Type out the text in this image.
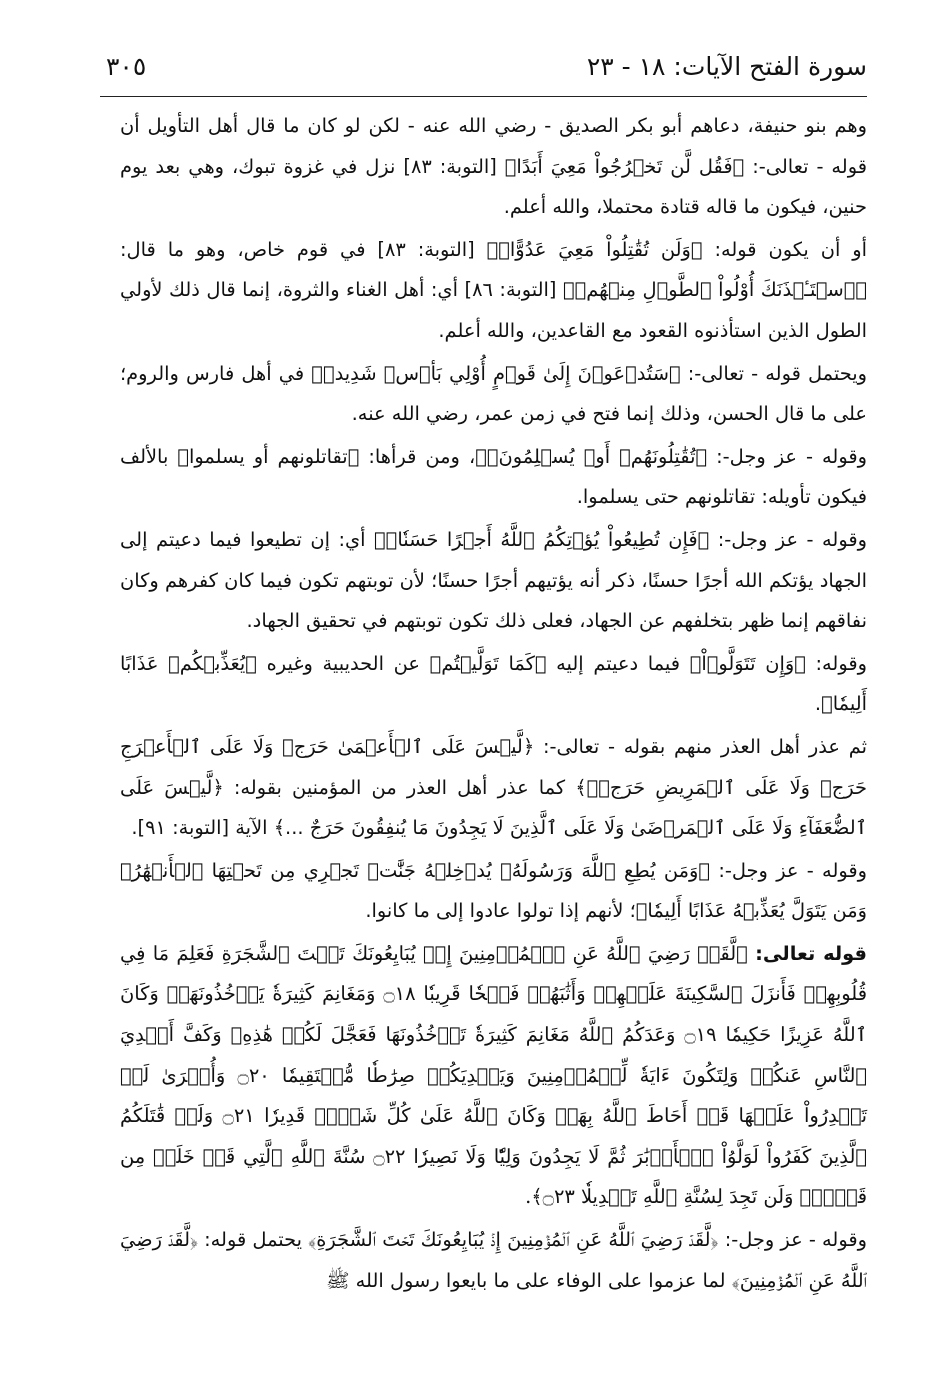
سورة الفتح الآيات: ١٨ - ٢٣
٣٠٥

وهم بنو حنيفة، دعاهم أبو بكر الصديق - رضي الله عنه - لكن لو كان ما قال أهل التأويل أن قوله - تعالى-: ﴿فَقُل لَّن تَخۡرُجُواْ مَعِيَ أَبَدًا﴾ [التوبة: ٨٣] نزل في غزوة تبوك، وهي بعد يوم حنين، فيكون ما قاله قتادة محتملا، والله أعلم.

أو أن يكون قوله: ﴿وَلَن تُقَٰتِلُواْ مَعِيَ عَدُوًّاۖ﴾ [التوبة: ٨٣] في قوم خاص، وهو ما قال: ﴿ٱسۡتَـٔۡذَنَكَ أُوْلُواْ ٱلطَّوۡلِ مِنۡهُمۡ﴾ [التوبة: ٨٦] أي: أهل الغناء والثروة، إنما قال ذلك لأولي الطول الذين استأذنوه القعود مع القاعدين، والله أعلم.

ويحتمل قوله - تعالى-: ﴿سَتُدۡعَوۡنَ إِلَىٰ قَوۡمٍ أُوْلِي بَأۡسٖ شَدِيدٖ﴾ في أهل فارس والروم؛ على ما قال الحسن، وذلك إنما فتح في زمن عمر، رضي الله عنه.

وقوله - عز وجل-: ﴿تُقَٰتِلُونَهُمۡ أَوۡ يُسۡلِمُونَۖ﴾، ومن قرأها: ﴿تقاتلونهم أو يسلموا﴾ بالألف فيكون تأويله: تقاتلونهم حتى يسلموا.

وقوله - عز وجل-: ﴿فَإِن تُطِيعُواْ يُؤۡتِكُمُ ٱللَّهُ أَجۡرًا حَسَنٗاۖ﴾ أي: إن تطيعوا فيما دعيتم إلى الجهاد يؤتكم الله أجرًا حسنًا، ذكر أنه يؤتيهم أجرًا حسنًا؛ لأن توبتهم تكون فيما كان كفرهم وكان نفاقهم إنما ظهر بتخلفهم عن الجهاد، فعلى ذلك تكون توبتهم في تحقيق الجهاد.

وقوله: ﴿وَإِن تَتَوَلَّوۡاْ﴾ فيما دعيتم إليه ﴿كَمَا تَوَلَّيۡتُم﴾ عن الحديبية وغيره ﴿يُعَذِّبۡكُمۡ عَذَابًا أَلِيمٗا﴾.

ثم عذر أهل العذر منهم بقوله - تعالى-: ﴿لَّيۡسَ عَلَى ٱلۡأَعۡمَىٰ حَرَجٞ وَلَا عَلَى ٱلۡأَعۡرَجِ حَرَجٞ وَلَا عَلَى ٱلۡمَرِيضِ حَرَجٞۗ﴾ كما عذر أهل العذر من المؤمنين بقوله: ﴿لَّيۡسَ عَلَى ٱلضُّعَفَآءِ وَلَا عَلَى ٱلۡمَرۡضَىٰ وَلَا عَلَى ٱلَّذِينَ لَا يَجِدُونَ مَا يُنفِقُونَ حَرَجٌ ...﴾ الآية [التوبة: ٩١].

وقوله - عز وجل-: ﴿وَمَن يُطِعِ ٱللَّهَ وَرَسُولَهُۥ يُدۡخِلۡهُ جَنَّٰتٖ تَجۡرِي مِن تَحۡتِهَا ٱلۡأَنۡهَٰرُۖ وَمَن يَتَوَلَّ يُعَذِّبۡهُ عَذَابًا أَلِيمٗا﴾؛ لأنهم إذا تولوا عادوا إلى ما كانوا.

قوله تعالى: ﴿لَّقَدۡ رَضِيَ ٱللَّهُ عَنِ ٱلۡمُؤۡمِنِينَ إِذۡ يُبَايِعُونَكَ تَحۡتَ ٱلشَّجَرَةِ فَعَلِمَ مَا فِي قُلُوبِهِمۡ فَأَنزَلَ ٱلسَّكِينَةَ عَلَيۡهِمۡ وَأَثَٰبَهُمۡ فَتۡحٗا قَرِيبٗا ۝١٨ وَمَغَانِمَ كَثِيرَةٗ يَأۡخُذُونَهَاۗ وَكَانَ ٱللَّهُ عَزِيزًا حَكِيمٗا ۝١٩ وَعَدَكُمُ ٱللَّهُ مَغَانِمَ كَثِيرَةٗ تَأۡخُذُونَهَا فَعَجَّلَ لَكُمۡ هَٰذِهِۦ وَكَفَّ أَيۡدِيَ ٱلنَّاسِ عَنكُمۡ وَلِتَكُونَ ءَايَةٗ لِّلۡمُؤۡمِنِينَ وَيَهۡدِيَكُمۡ صِرَٰطٗا مُّسۡتَقِيمٗا ۝٢٠ وَأُخۡرَىٰ لَمۡ تَقۡدِرُواْ عَلَيۡهَا قَدۡ أَحَاطَ ٱللَّهُ بِهَاۚ وَكَانَ ٱللَّهُ عَلَىٰ كُلِّ شَيۡءٖ قَدِيرٗا ۝٢١ وَلَوۡ قَٰتَلَكُمُ ٱلَّذِينَ كَفَرُواْ لَوَلَّوُاْ ٱلۡأَدۡبَٰرَ ثُمَّ لَا يَجِدُونَ وَلِيّٗا وَلَا نَصِيرٗا ۝٢٢ سُنَّةَ ٱللَّهِ ٱلَّتِي قَدۡ خَلَتۡ مِن قَبۡلُۖ وَلَن تَجِدَ لِسُنَّةِ ٱللَّهِ تَبۡدِيلٗا ۝٢٣﴾.

وقوله - عز وجل-: ﴿لَّقَدۡ رَضِيَ ٱللَّهُ عَنِ ٱلۡمُؤۡمِنِينَ إِذۡ يُبَايِعُونَكَ تَحۡتَ ٱلشَّجَرَةِ﴾ يحتمل قوله: ﴿لَّقَدۡ رَضِيَ ٱللَّهُ عَنِ ٱلۡمُؤۡمِنِينَ﴾ لما عزموا على الوفاء على ما بايعوا رسول الله ﷺ
